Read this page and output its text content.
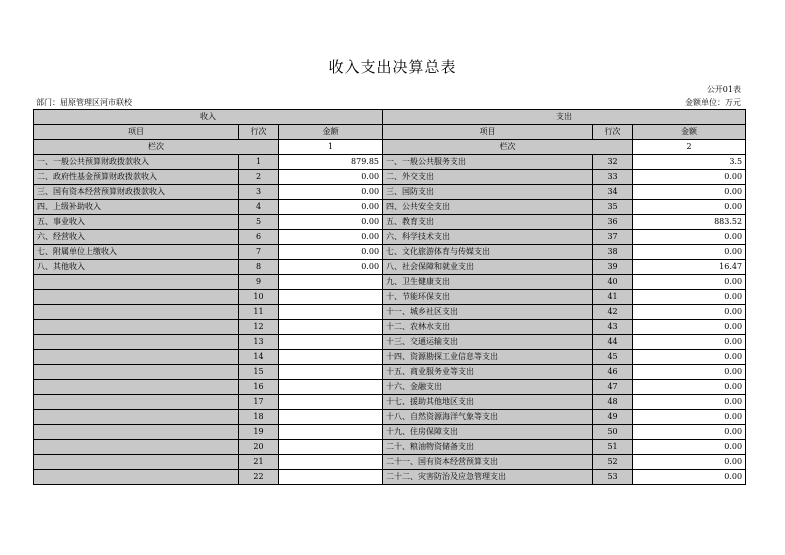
收入支出决算总表
公开01表
部门：屈原管理区河市联校	金额单位：万元
收入			支出		
项目	行次	金额	项目	行次	金额
栏次		1	栏次		2
一、一般公共预算财政拨款收入	1	879.85	一、一般公共服务支出	32	3.5
二、政府性基金预算财政拨款收入	2	0.00	二、外交支出	33	0.00
三、国有资本经营预算财政拨款收入	3	0.00	三、国防支出	34	0.00
四、上级补助收入	4	0.00	四、公共安全支出	35	0.00
五、事业收入	5	0.00	五、教育支出	36	883.52
六、经营收入	6	0.00	六、科学技术支出	37	0.00
七、附属单位上缴收入	7	0.00	七、文化旅游体育与传媒支出	38	0.00
八、其他收入	8	0.00	八、社会保障和就业支出	39	16.47
	9		九、卫生健康支出	40	0.00
	10		十、节能环保支出	41	0.00
	11		十一、城乡社区支出	42	0.00
	12		十二、农林水支出	43	0.00
	13		十三、交通运输支出	44	0.00
	14		十四、资源勘探工业信息等支出	45	0.00
	15		十五、商业服务业等支出	46	0.00
	16		十六、金融支出	47	0.00
	17		十七、援助其他地区支出	48	0.00
	18		十八、自然资源海洋气象等支出	49	0.00
	19		十九、住房保障支出	50	0.00
	20		二十、粮油物资储备支出	51	0.00
	21		二十一、国有资本经营预算支出	52	0.00
	22		二十二、灾害防治及应急管理支出	53	0.00
